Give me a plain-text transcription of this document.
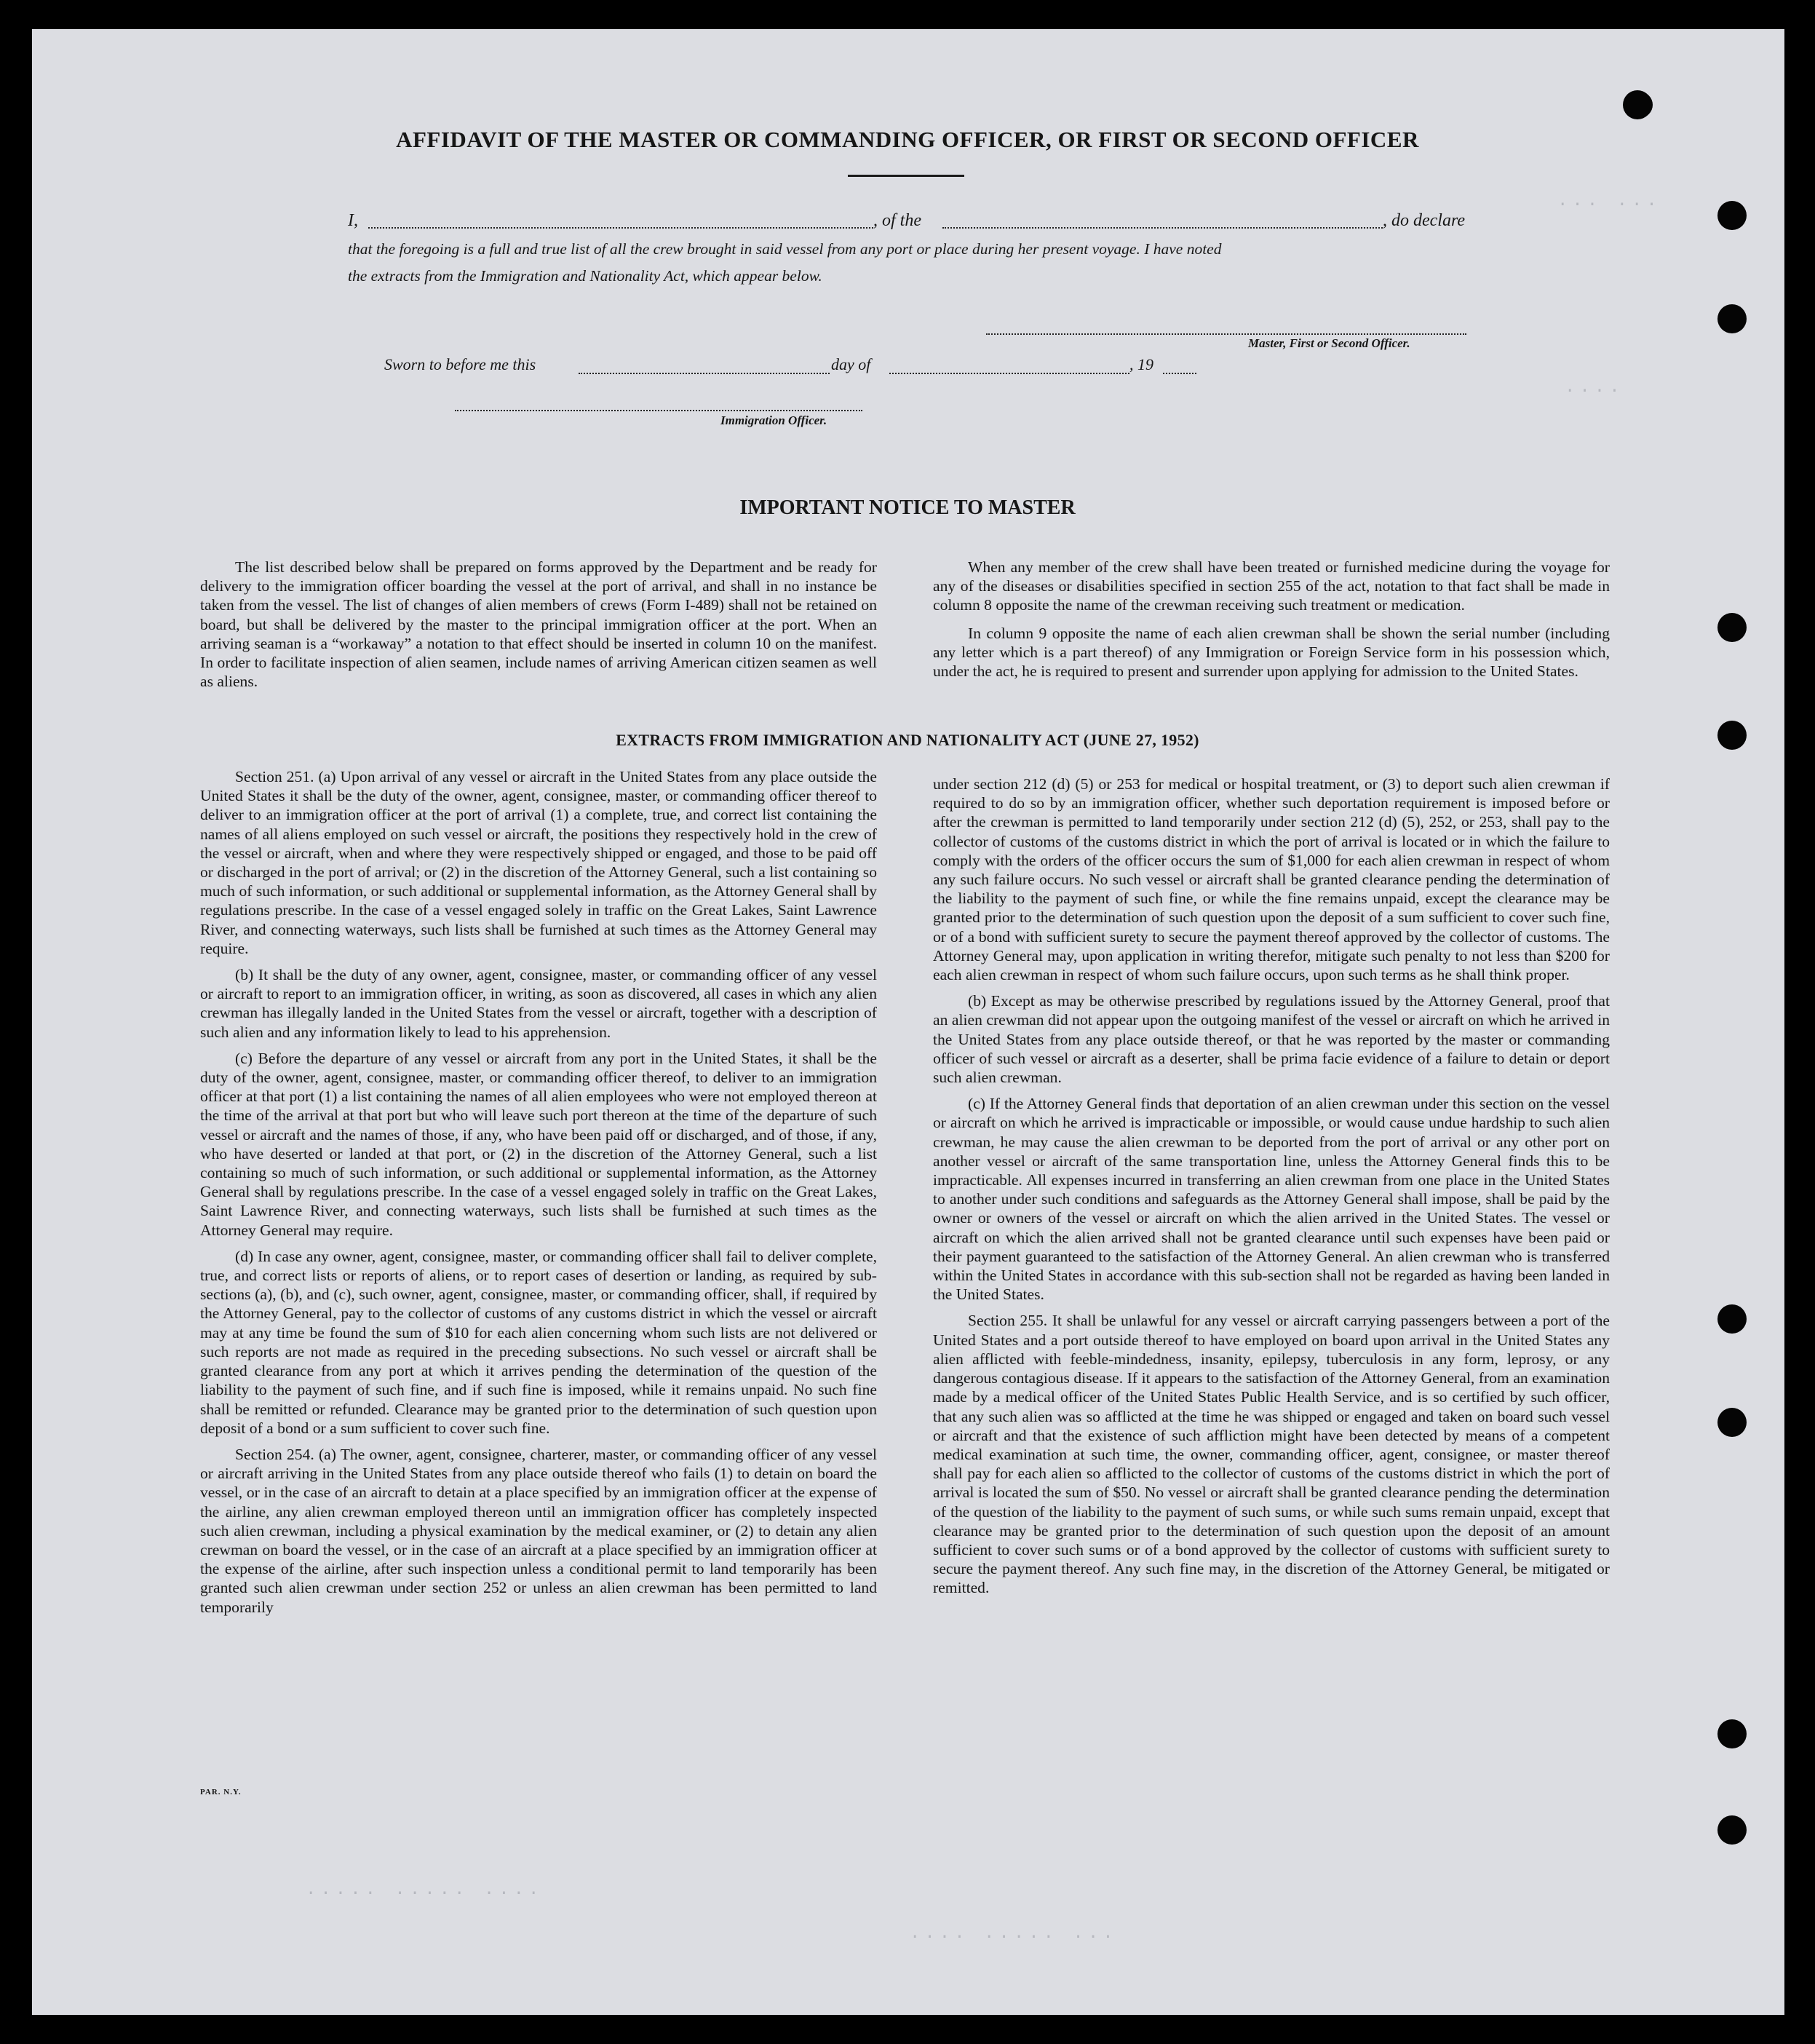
··· ···
····
····· ····· ····
···· ····· ···
AFFIDAVIT OF THE MASTER OR COMMANDING OFFICER, OR FIRST OR SECOND OFFICER
I,	, of the	, do declare
that the foregoing is a full and true list of all the crew brought in said vessel from any port or place during her present voyage. I have noted
the extracts from the Immigration and Nationality Act, which appear below.
Master, First or Second Officer.
Sworn to before me this	day of	, 19
Immigration Officer.
IMPORTANT NOTICE TO MASTER

The list described below shall be prepared on forms approved by the Department and be ready for delivery to the immigration officer boarding the vessel at the port of arrival, and shall in no instance be taken from the vessel. The list of changes of alien members of crews (Form I-489) shall not be retained on board, but shall be delivered by the master to the principal immigration officer at the port. When an arriving seaman is a “workaway” a notation to that effect should be inserted in column 10 on the manifest. In order to facilitate inspection of alien seamen, include names of arriving American citizen seamen as well as aliens.

When any member of the crew shall have been treated or furnished medicine during the voyage for any of the diseases or disabilities specified in section 255 of the act, notation to that fact shall be made in column 8 opposite the name of the crewman receiving such treatment or medication.

In column 9 opposite the name of each alien crewman shall be shown the serial number (including any letter which is a part thereof) of any Immigration or Foreign Service form in his possession which, under the act, he is required to present and surrender upon applying for admission to the United States.

EXTRACTS FROM IMMIGRATION AND NATIONALITY ACT (JUNE 27, 1952)

Section 251. (a) Upon arrival of any vessel or aircraft in the United States from any place outside the United States it shall be the duty of the owner, agent, consignee, master, or commanding officer thereof to deliver to an immigration officer at the port of arrival (1) a complete, true, and correct list containing the names of all aliens employed on such vessel or aircraft, the positions they respectively hold in the crew of the vessel or aircraft, when and where they were respectively shipped or engaged, and those to be paid off or discharged in the port of arrival; or (2) in the discretion of the Attorney General, such a list containing so much of such information, or such additional or supplemental information, as the Attorney General shall by regulations prescribe. In the case of a vessel engaged solely in traffic on the Great Lakes, Saint Lawrence River, and connecting waterways, such lists shall be furnished at such times as the Attorney General may require.

(b) It shall be the duty of any owner, agent, consignee, master, or commanding officer of any vessel or aircraft to report to an immigration officer, in writing, as soon as discovered, all cases in which any alien crewman has illegally landed in the United States from the vessel or aircraft, together with a description of such alien and any information likely to lead to his apprehension.

(c) Before the departure of any vessel or aircraft from any port in the United States, it shall be the duty of the owner, agent, consignee, master, or commanding officer thereof, to deliver to an immigration officer at that port (1) a list containing the names of all alien employees who were not employed thereon at the time of the arrival at that port but who will leave such port thereon at the time of the departure of such vessel or aircraft and the names of those, if any, who have been paid off or discharged, and of those, if any, who have deserted or landed at that port, or (2) in the discretion of the Attorney General, such a list containing so much of such information, or such additional or supplemental information, as the Attorney General shall by regulations prescribe. In the case of a vessel engaged solely in traffic on the Great Lakes, Saint Lawrence River, and connecting waterways, such lists shall be furnished at such times as the Attorney General may require.

(d) In case any owner, agent, consignee, master, or commanding officer shall fail to deliver complete, true, and correct lists or reports of aliens, or to report cases of desertion or landing, as required by sub-sections (a), (b), and (c), such owner, agent, consignee, master, or commanding officer, shall, if required by the Attorney General, pay to the collector of customs of any customs district in which the vessel or aircraft may at any time be found the sum of $10 for each alien concerning whom such lists are not delivered or such reports are not made as required in the preceding subsections. No such vessel or aircraft shall be granted clearance from any port at which it arrives pending the determination of the question of the liability to the payment of such fine, and if such fine is imposed, while it remains unpaid. No such fine shall be remitted or refunded. Clearance may be granted prior to the determination of such question upon deposit of a bond or a sum sufficient to cover such fine.

Section 254. (a) The owner, agent, consignee, charterer, master, or commanding officer of any vessel or aircraft arriving in the United States from any place outside thereof who fails (1) to detain on board the vessel, or in the case of an aircraft to detain at a place specified by an immigration officer at the expense of the airline, any alien crewman employed thereon until an immigration officer has completely inspected such alien crewman, including a physical examination by the medical examiner, or (2) to detain any alien crewman on board the vessel, or in the case of an aircraft at a place specified by an immigration officer at the expense of the airline, after such inspection unless a conditional permit to land temporarily has been granted such alien crewman under section 252 or unless an alien crewman has been permitted to land temporarily

under section 212 (d) (5) or 253 for medical or hospital treatment, or (3) to deport such alien crewman if required to do so by an immigration officer, whether such deportation requirement is imposed before or after the crewman is permitted to land temporarily under section 212 (d) (5), 252, or 253, shall pay to the collector of customs of the customs district in which the port of arrival is located or in which the failure to comply with the orders of the officer occurs the sum of $1,000 for each alien crewman in respect of whom any such failure occurs. No such vessel or aircraft shall be granted clearance pending the determination of the liability to the payment of such fine, or while the fine remains unpaid, except the clearance may be granted prior to the determination of such question upon the deposit of a sum sufficient to cover such fine, or of a bond with sufficient surety to secure the payment thereof approved by the collector of customs. The Attorney General may, upon application in writing therefor, mitigate such penalty to not less than $200 for each alien crewman in respect of whom such failure occurs, upon such terms as he shall think proper.

(b) Except as may be otherwise prescribed by regulations issued by the Attorney General, proof that an alien crewman did not appear upon the outgoing manifest of the vessel or aircraft on which he arrived in the United States from any place outside thereof, or that he was reported by the master or commanding officer of such vessel or aircraft as a deserter, shall be prima facie evidence of a failure to detain or deport such alien crewman.

(c) If the Attorney General finds that deportation of an alien crewman under this section on the vessel or aircraft on which he arrived is impracticable or impossible, or would cause undue hardship to such alien crewman, he may cause the alien crewman to be deported from the port of arrival or any other port on another vessel or aircraft of the same transportation line, unless the Attorney General finds this to be impracticable. All expenses incurred in transferring an alien crewman from one place in the United States to another under such conditions and safeguards as the Attorney General shall impose, shall be paid by the owner or owners of the vessel or aircraft on which the alien arrived in the United States. The vessel or aircraft on which the alien arrived shall not be granted clearance until such expenses have been paid or their payment guaranteed to the satisfaction of the Attorney General. An alien crewman who is transferred within the United States in accordance with this sub-section shall not be regarded as having been landed in the United States.

Section 255. It shall be unlawful for any vessel or aircraft carrying passengers between a port of the United States and a port outside thereof to have employed on board upon arrival in the United States any alien afflicted with feeble-mindedness, insanity, epilepsy, tuberculosis in any form, leprosy, or any dangerous contagious disease. If it appears to the satisfaction of the Attorney General, from an examination made by a medical officer of the United States Public Health Service, and is so certified by such officer, that any such alien was so afflicted at the time he was shipped or engaged and taken on board such vessel or aircraft and that the existence of such affliction might have been detected by means of a competent medical examination at such time, the owner, commanding officer, agent, consignee, or master thereof shall pay for each alien so afflicted to the collector of customs of the customs district in which the port of arrival is located the sum of $50. No vessel or aircraft shall be granted clearance pending the determination of the question of the liability to the payment of such sums, or while such sums remain unpaid, except that clearance may be granted prior to the determination of such question upon the deposit of an amount sufficient to cover such sums or of a bond approved by the collector of customs with sufficient surety to secure the payment thereof. Any such fine may, in the discretion of the Attorney General, be mitigated or remitted.

PAR. N.Y.
